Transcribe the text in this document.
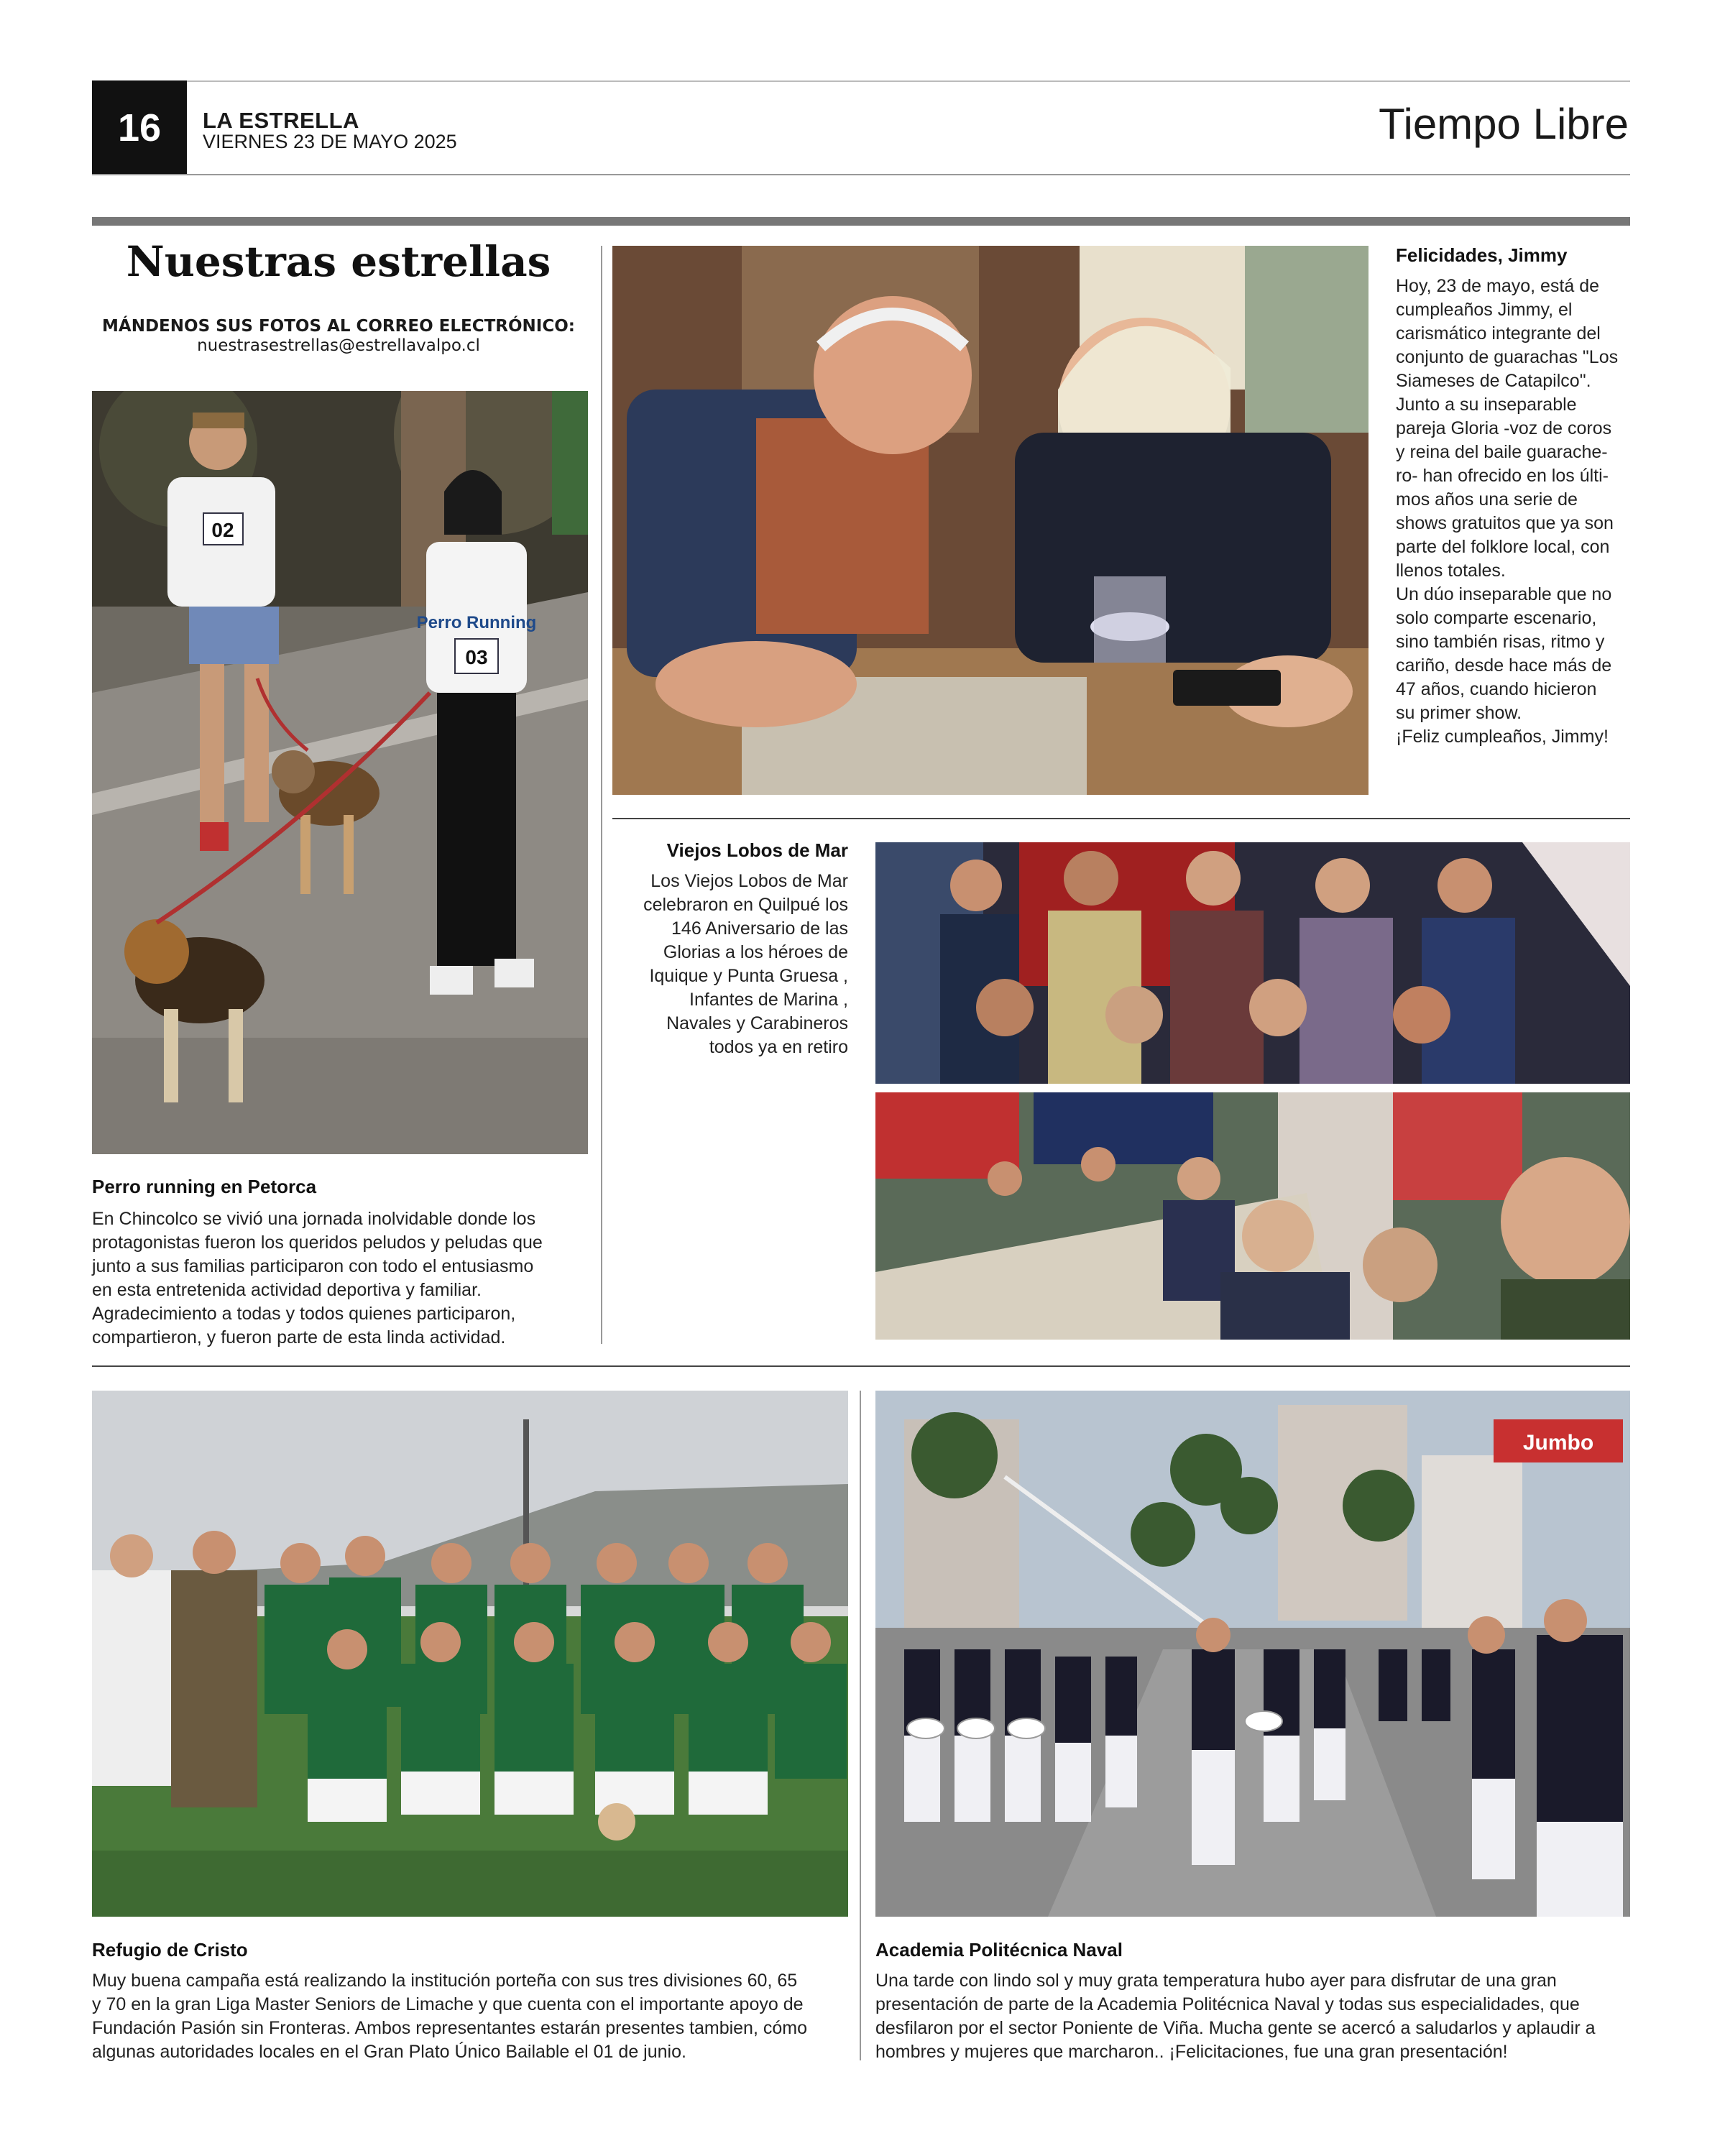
16	LA ESTRELLA
VIERNES 23 DE MAYO 2025	Tiempo Libre
Nuestras estrellas
MÁNDENOS SUS FOTOS AL CORREO ELECTRÓNICO:
nuestrasestrellas@estrellavalpo.cl
02
Perro Running
03
Perro running en Petorca
En Chincolco se vivió una jornada inolvidable donde los
protagonistas fueron los queridos peludos y peludas que
junto a sus familias participaron con todo el entusiasmo
en esta entretenida actividad deportiva y familiar.
Agradecimiento a todas y todos quienes participaron,
compartieron, y fueron parte de esta linda actividad.
Felicidades, Jimmy
Hoy, 23 de mayo, está de
cumpleaños Jimmy, el
carismático integrante del
conjunto de guarachas "Los
Siameses de Catapilco".
Junto a su inseparable
pareja Gloria -voz de coros
y reina del baile guarache-
ro- han ofrecido en los últi-
mos años una serie de
shows gratuitos que ya son
parte del folklore local, con
llenos totales.
Un dúo inseparable que no
solo comparte escenario,
sino también risas, ritmo y
cariño, desde hace más de
47 años, cuando hicieron
su primer show.
¡Feliz cumpleaños, Jimmy!
Viejos Lobos de Mar
Los Viejos Lobos de Mar
celebraron en Quilpué los
146 Aniversario de las
Glorias a los héroes de
Iquique y Punta Gruesa ,
Infantes de Marina ,
Navales y Carabineros
todos ya en retiro
Refugio de Cristo
Muy buena campaña está realizando la institución porteña con sus tres divisiones 60, 65
y 70 en la gran Liga Master Seniors de Limache y que cuenta con el importante apoyo de
Fundación Pasión sin Fronteras. Ambos representantes estarán presentes tambien, cómo
algunas autoridades locales en el Gran Plato Único Bailable el 01 de junio.
Jumbo
Academia Politécnica Naval
Una tarde con lindo sol y muy grata temperatura hubo ayer para disfrutar de una gran
presentación de parte de la Academia Politécnica Naval y todas sus especialidades, que
desfilaron por el sector Poniente de Viña. Mucha gente se acercó a saludarlos y aplaudir a
hombres y mujeres que marcharon.. ¡Felicitaciones, fue una gran presentación!
